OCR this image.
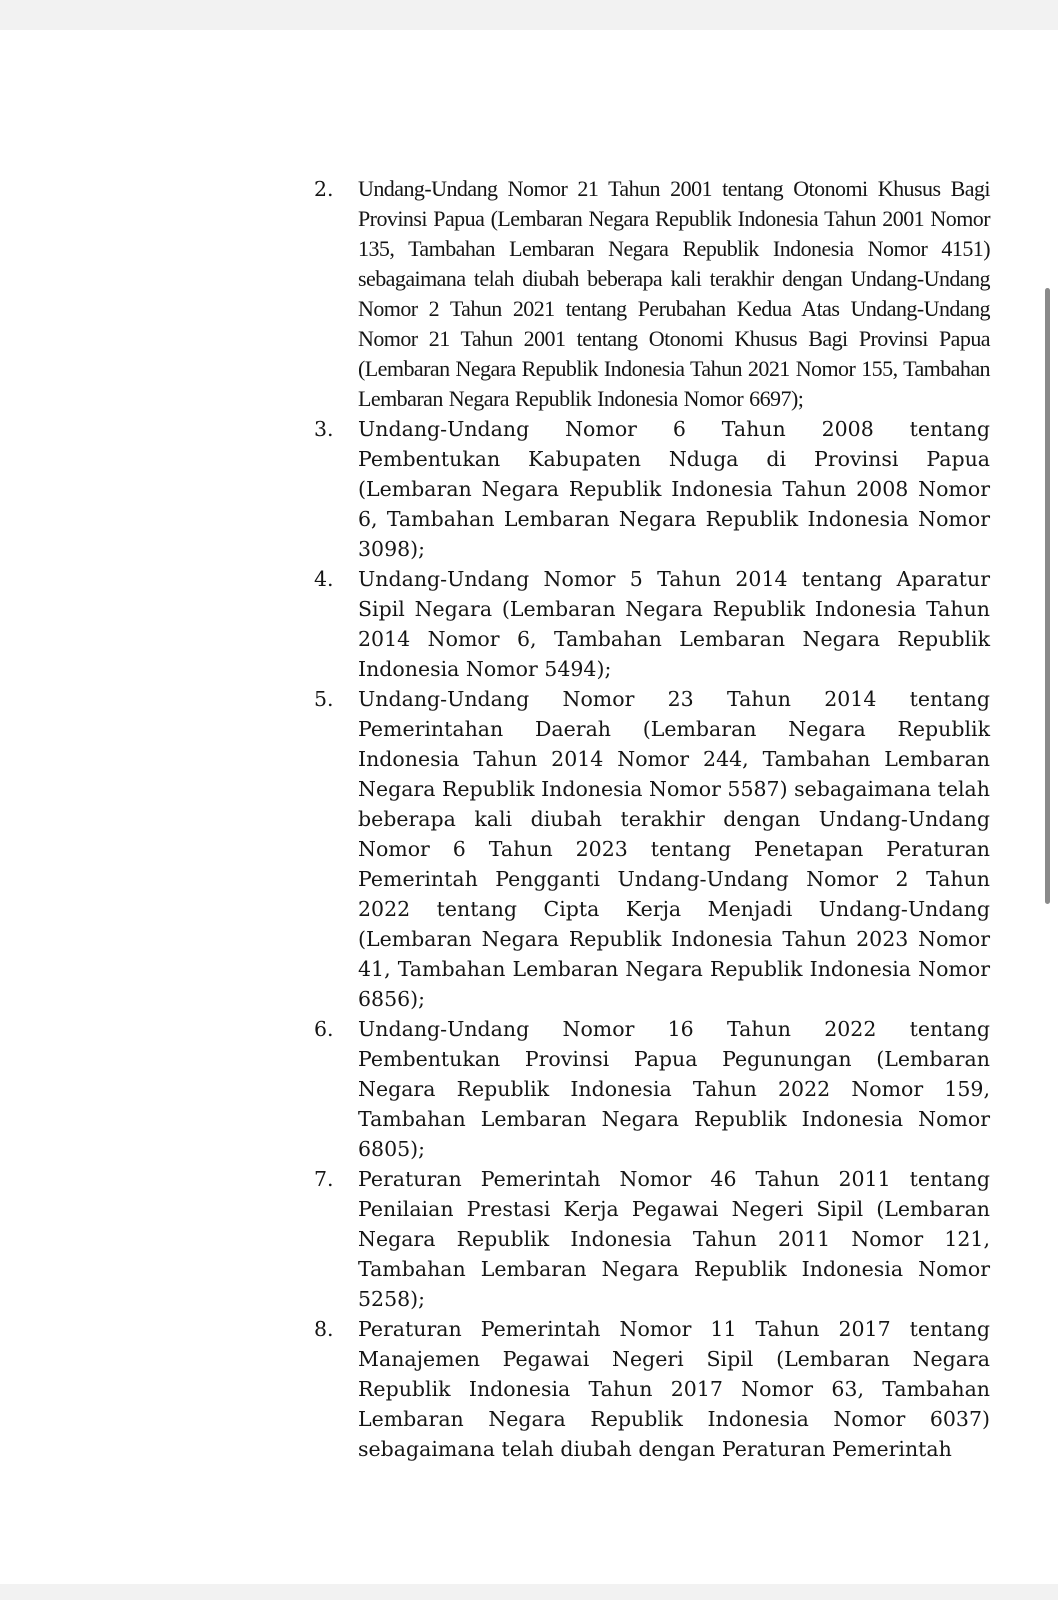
2.	Undang-Undang Nomor 21 Tahun 2001 tentang Otonomi Khusus Bagi Provinsi Papua (Lembaran Negara Republik Indonesia Tahun 2001 Nomor 135, Tambahan Lembaran Negara Republik Indonesia Nomor 4151) sebagaimana telah diubah beberapa kali terakhir dengan Undang-Undang Nomor 2 Tahun 2021 tentang Perubahan Kedua Atas Undang-Undang Nomor 21 Tahun 2001 tentang Otonomi Khusus Bagi Provinsi Papua (Lembaran Negara Republik Indonesia Tahun 2021 Nomor 155, Tambahan Lembaran Negara Republik Indonesia Nomor 6697);
3.	Undang-Undang Nomor 6 Tahun 2008 tentang Pembentukan Kabupaten Nduga di Provinsi Papua (Lembaran Negara Republik Indonesia Tahun 2008 Nomor 6, Tambahan Lembaran Negara Republik Indonesia Nomor 3098);
4.	Undang-Undang Nomor 5 Tahun 2014 tentang Aparatur Sipil Negara (Lembaran Negara Republik Indonesia Tahun 2014 Nomor 6, Tambahan Lembaran Negara Republik Indonesia Nomor 5494);
5.	Undang-Undang Nomor 23 Tahun 2014 tentang Pemerintahan Daerah (Lembaran Negara Republik Indonesia Tahun 2014 Nomor 244, Tambahan Lembaran Negara Republik Indonesia Nomor 5587) sebagaimana telah beberapa kali diubah terakhir dengan Undang-Undang Nomor 6 Tahun 2023 tentang Penetapan Peraturan Pemerintah Pengganti Undang-Undang Nomor 2 Tahun 2022 tentang Cipta Kerja Menjadi Undang-Undang (Lembaran Negara Republik Indonesia Tahun 2023 Nomor 41, Tambahan Lembaran Negara Republik Indonesia Nomor 6856);
6.	Undang-Undang Nomor 16 Tahun 2022 tentang Pembentukan Provinsi Papua Pegunungan (Lembaran Negara Republik Indonesia Tahun 2022 Nomor 159, Tambahan Lembaran Negara Republik Indonesia Nomor 6805);
7.	Peraturan Pemerintah Nomor 46 Tahun 2011 tentang Penilaian Prestasi Kerja Pegawai Negeri Sipil (Lembaran Negara Republik Indonesia Tahun 2011 Nomor 121, Tambahan Lembaran Negara Republik Indonesia Nomor 5258);
8.	Peraturan Pemerintah Nomor 11 Tahun 2017 tentang Manajemen Pegawai Negeri Sipil (Lembaran Negara Republik Indonesia Tahun 2017 Nomor 63, Tambahan Lembaran Negara Republik Indonesia Nomor 6037) sebagaimana telah diubah dengan Peraturan Pemerintah
